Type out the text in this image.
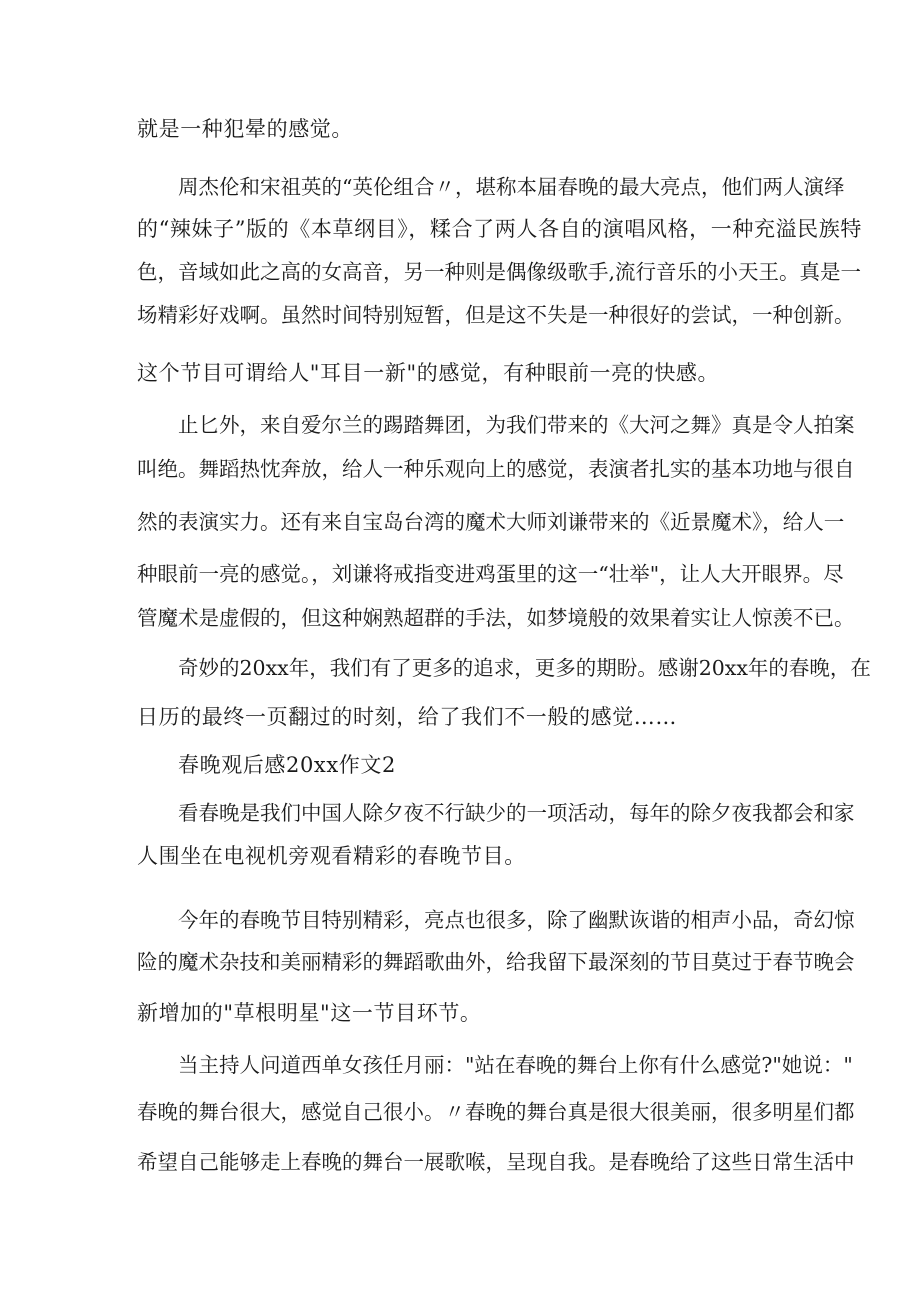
就是一种犯晕的感觉。
周杰伦和宋祖英的“英伦组合〃，堪称本届春晚的最大亮点，他们两人演绎
的“辣妹子”版的《本草纲目》，糅合了两人各自的演唱风格，一种充溢民族特
色，音域如此之高的女高音，另一种则是偶像级歌手,流行音乐的小天王。真是一
场精彩好戏啊。虽然时间特别短暂，但是这不失是一种很好的尝试，一种创新。
这个节目可谓给人"耳目一新"的感觉，有种眼前一亮的快感。
止匕外，来自爱尔兰的踢踏舞团，为我们带来的《大河之舞》真是令人拍案
叫绝。舞蹈热忱奔放，给人一种乐观向上的感觉，表演者扎实的基本功地与很自
然的表演实力。还有来自宝岛台湾的魔术大师刘谦带来的《近景魔术》，给人一
种眼前一亮的感觉。，刘谦将戒指变进鸡蛋里的这一“壮举"，让人大开眼界。尽
管魔术是虚假的，但这种娴熟超群的手法，如梦境般的效果着实让人惊羡不已。
奇妙的20xx年，我们有了更多的追求，更多的期盼。感谢20xx年的春晚，在
日历的最终一页翻过的时刻，给了我们不一般的感觉……
春晚观后感20xx作文2
看春晚是我们中国人除夕夜不行缺少的一项活动，每年的除夕夜我都会和家
人围坐在电视机旁观看精彩的春晚节目。
今年的春晚节目特别精彩，亮点也很多，除了幽默诙谐的相声小品，奇幻惊
险的魔术杂技和美丽精彩的舞蹈歌曲外，给我留下最深刻的节目莫过于春节晚会
新增加的"草根明星"这一节目环节。
当主持人问道西单女孩任月丽："站在春晚的舞台上你有什么感觉?"她说："
春晚的舞台很大，感觉自己很小。〃春晚的舞台真是很大很美丽，很多明星们都
希望自己能够走上春晚的舞台一展歌喉，呈现自我。是春晚给了这些日常生活中
